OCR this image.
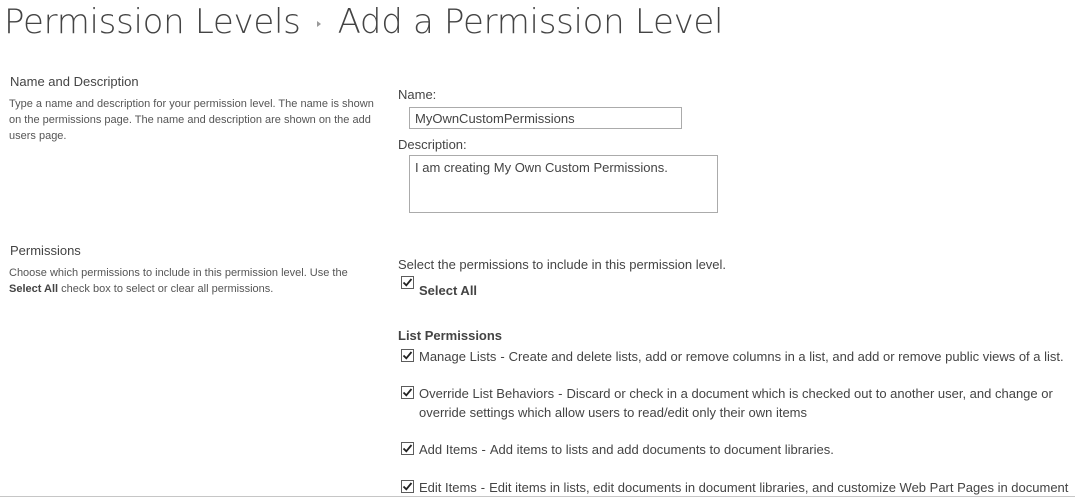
Permission Levels Add a Permission Level
Name and Description
Type a name and description for your permission level. The name is shown on the permissions page. The name and description are shown on the add users page.
Name:
MyOwnCustomPermissions
Description:
I am creating My Own Custom Permissions.
Permissions
Choose which permissions to include in this permission level. Use the Select All check box to select or clear all permissions.
Select the permissions to include in this permission level.
Select All
List Permissions
Manage Lists - Create and delete lists, add or remove columns in a list, and add or remove public views of a list.
Override List Behaviors - Discard or check in a document which is checked out to another user, and change or override settings which allow users to read/edit only their own items
Add Items - Add items to lists and add documents to document libraries.
Edit Items - Edit items in lists, edit documents in document libraries, and customize Web Part Pages in document
